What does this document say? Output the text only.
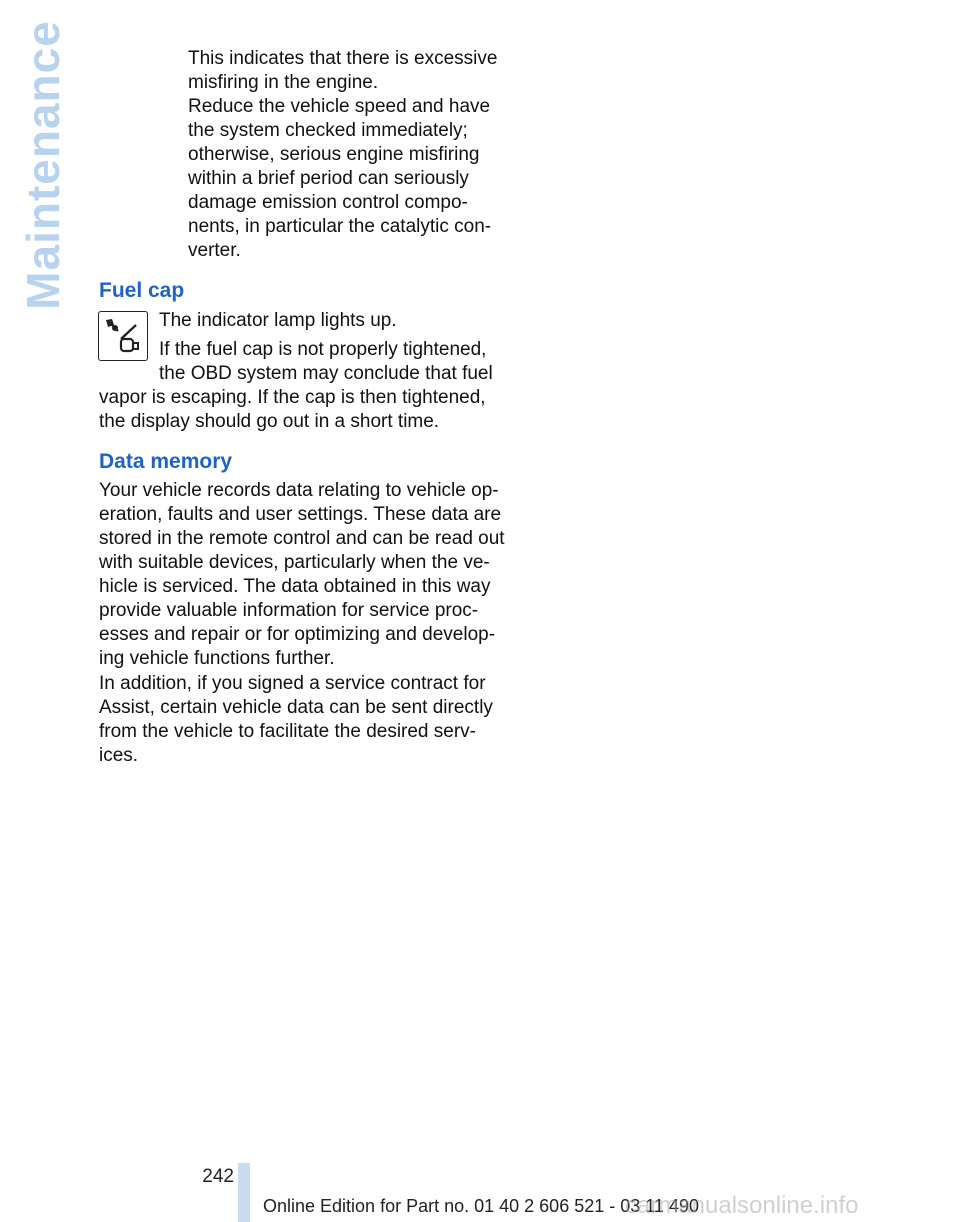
Maintenance	This indicates that there is excessive
misfiring in the engine.

Reduce the vehicle speed and have
the system checked immediately;
otherwise, serious engine misfiring
within a brief period can seriously
damage emission control compo-
nents, in particular the catalytic con-
verter.

Fuel cap

The indicator lamp lights up.

If the fuel cap is not properly tightened,
the OBD system may conclude that fuel

vapor is escaping. If the cap is then tightened,
the display should go out in a short time.

Data memory

Your vehicle records data relating to vehicle op-
eration, faults and user settings. These data are
stored in the remote control and can be read out
with suitable devices, particularly when the ve-
hicle is serviced. The data obtained in this way
provide valuable information for service proc-
esses and repair or for optimizing and develop-
ing vehicle functions further.

In addition, if you signed a service contract for
Assist, certain vehicle data can be sent directly
from the vehicle to facilitate the desired serv-
ices.

242
Online Edition for Part no. 01 40 2 606 521 - 03 11 490
carmanualsonline.info
